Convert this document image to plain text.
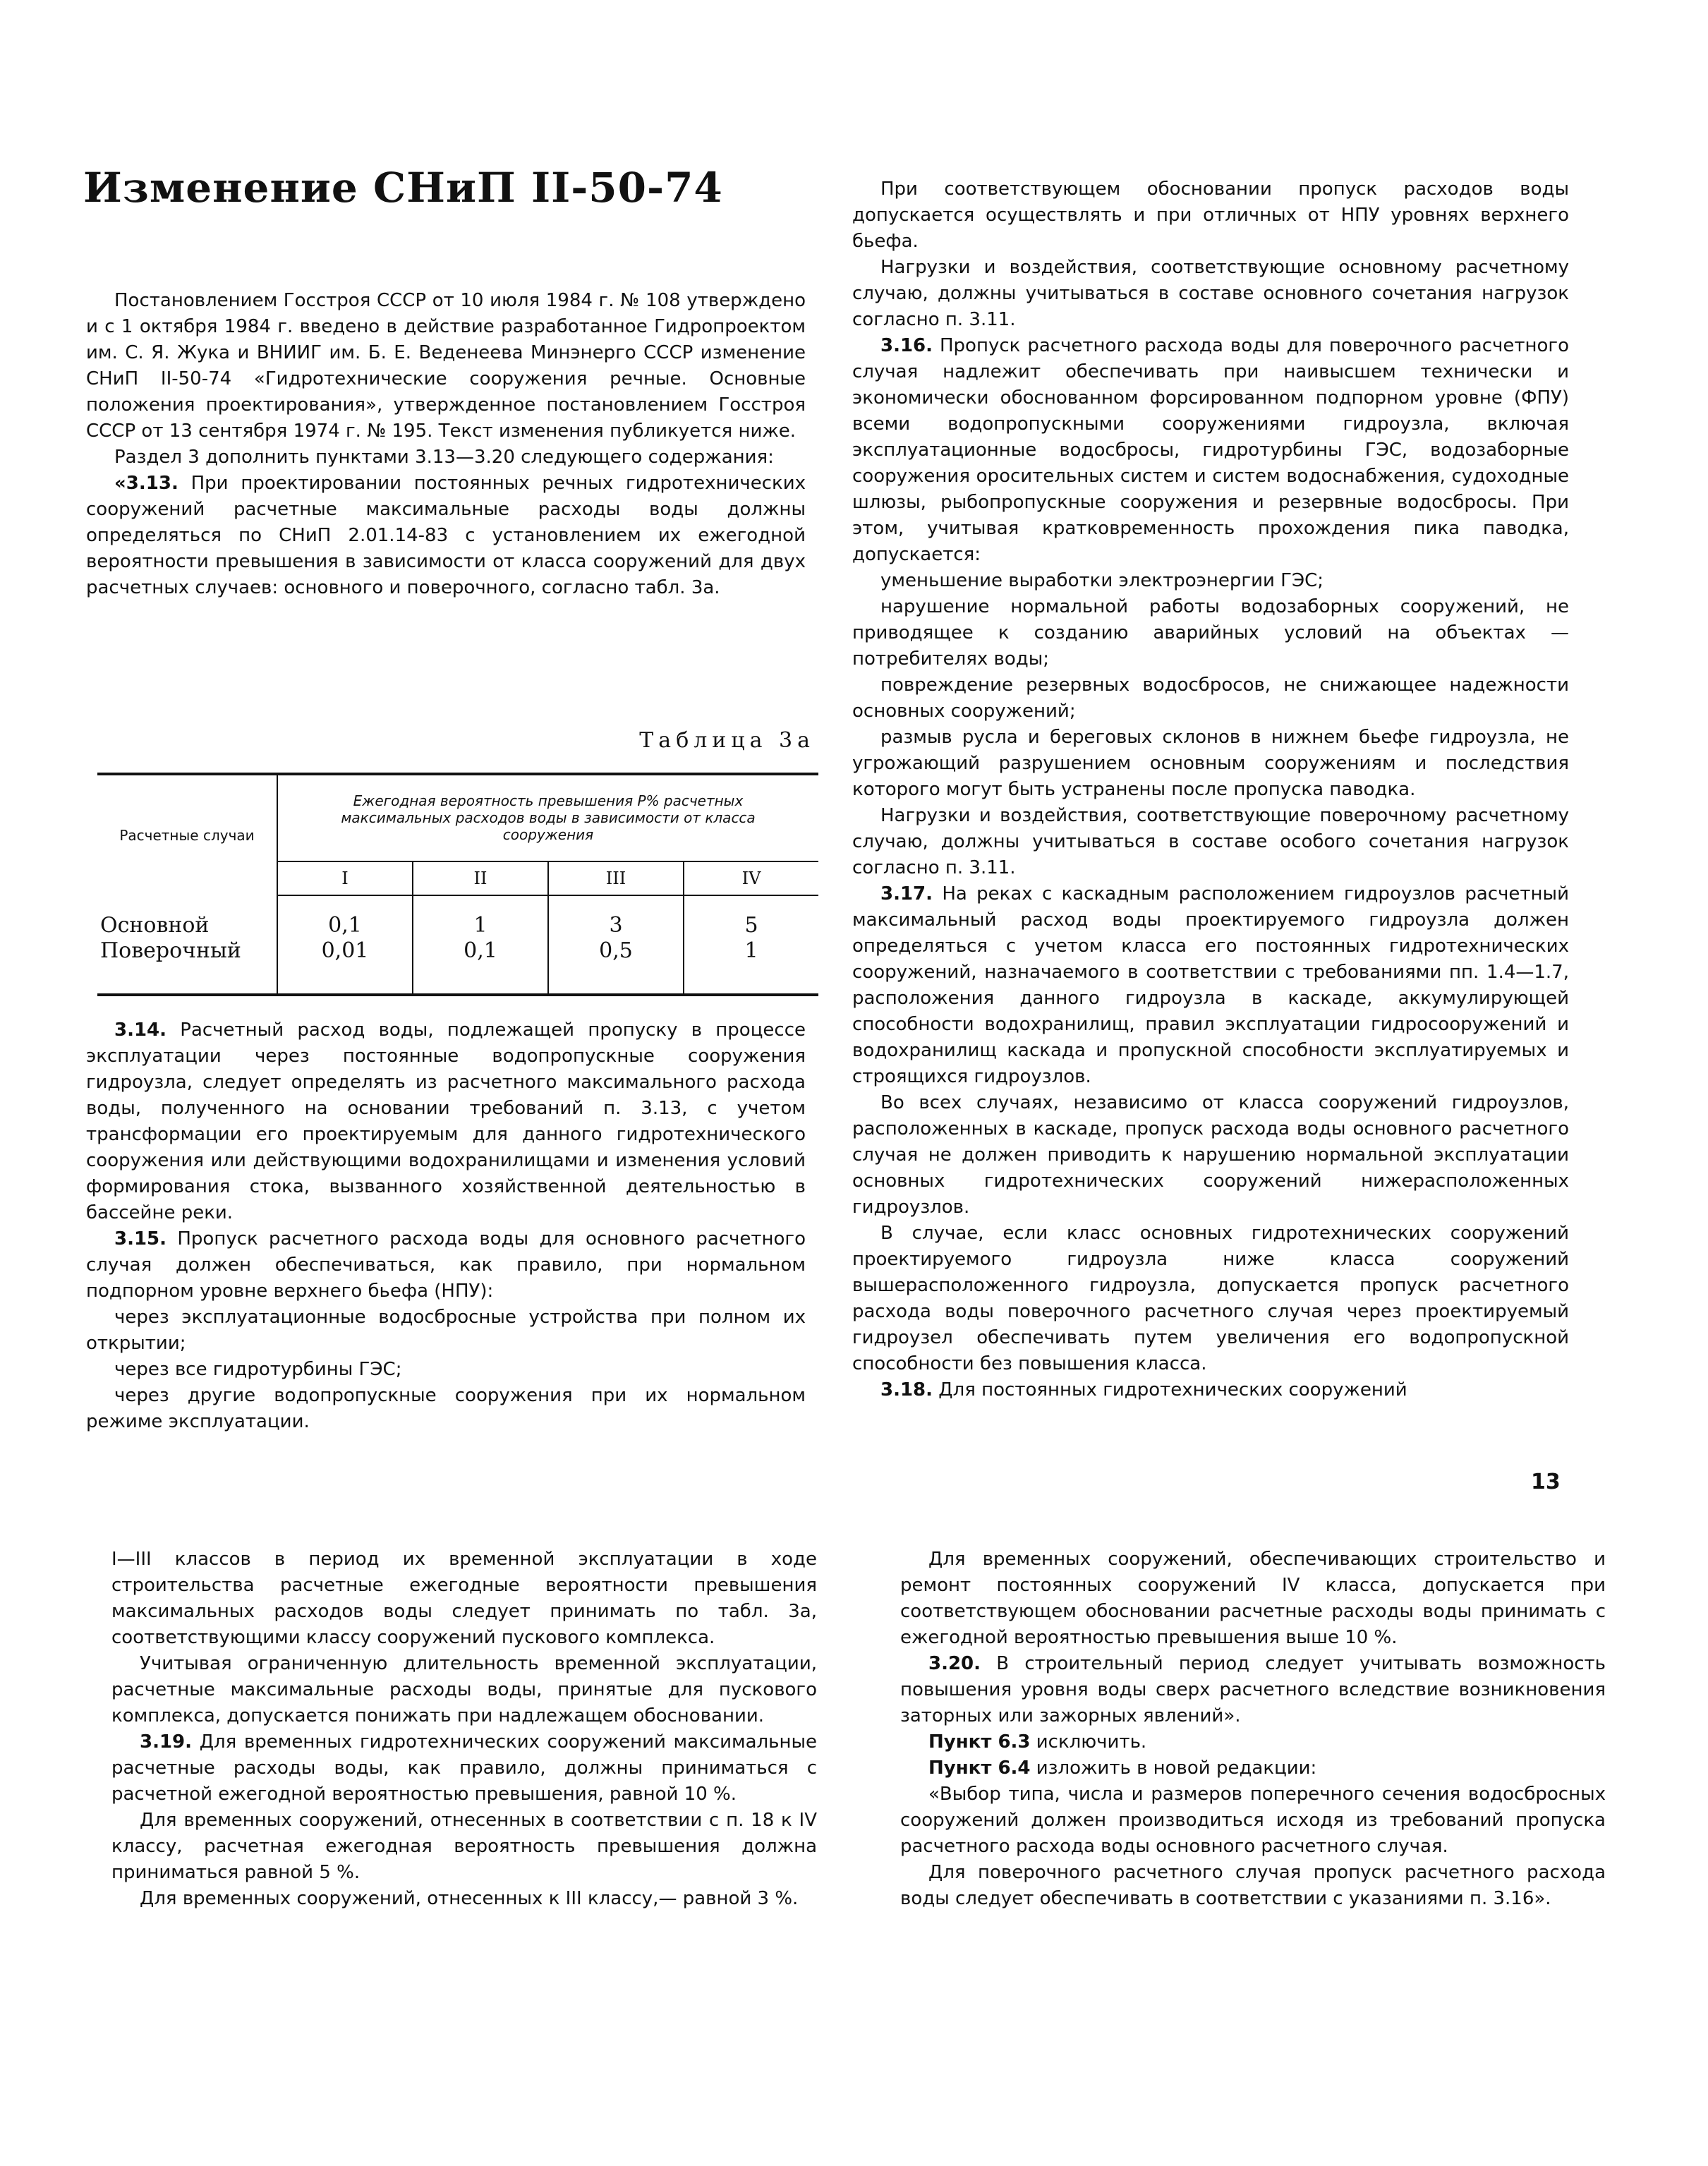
Изменение СНиП II-50-74

Постановлением Госстроя СССР от 10 июля 1984 г. № 108 утверждено и с 1 октября 1984 г. введено в действие разработанное Гидропроектом им. С. Я. Жука и ВНИИГ им. Б. Е. Веденеева Минэнерго СССР изменение СНиП II-50-74 «Гидротехнические сооружения речные. Основные положения проектирования», утвержденное постановлением Госстроя СССР от 13 сентября 1974 г. № 195. Текст изменения публикуется ниже.

Раздел 3 дополнить пунктами 3.13—3.20 следующего содержания:

«3.13. При проектировании постоянных речных гидротехнических сооружений расчетные максимальные расходы воды должны определяться по СНиП 2.01.14-83 с установлением их ежегодной вероятности превышения в зависимости от класса сооружений для двух расчетных случаев: основного и поверочного, согласно табл. 3а.

Таблица 3а
Расчетные случаи	Ежегодная вероятность превышения Р% расчетных максимальных расходов воды в зависимости от класса сооружения			
	I	II	III	IV
Основной	0,1	1	3	5
Поверочный	0,01	0,1	0,5	1

3.14. Расчетный расход воды, подлежащей пропуску в процессе эксплуатации через постоянные водопропускные сооружения гидроузла, следует определять из расчетного максимального расхода воды, полученного на основании требований п. 3.13, с учетом трансформации его проектируемым для данного гидротехнического сооружения или действующими водохранилищами и изменения условий формирования стока, вызванного хозяйственной деятельностью в бассейне реки.

3.15. Пропуск расчетного расхода воды для основного расчетного случая должен обеспечиваться, как правило, при нормальном подпорном уровне верхнего бьефа (НПУ):

через эксплуатационные водосбросные устройства при полном их открытии;

через все гидротурбины ГЭС;

через другие водопропускные сооружения при их нормальном режиме эксплуатации.

При соответствующем обосновании пропуск расходов воды допускается осуществлять и при отличных от НПУ уровнях верхнего бьефа.

Нагрузки и воздействия, соответствующие основному расчетному случаю, должны учитываться в составе основного сочетания нагрузок согласно п. 3.11.

3.16. Пропуск расчетного расхода воды для поверочного расчетного случая надлежит обеспечивать при наивысшем технически и экономически обоснованном форсированном подпорном уровне (ФПУ) всеми водопропускными сооружениями гидроузла, включая эксплуатационные водосбросы, гидротурбины ГЭС, водозаборные сооружения оросительных систем и систем водоснабжения, судоходные шлюзы, рыбопропускные сооружения и резервные водосбросы. При этом, учитывая кратковременность прохождения пика паводка, допускается:

уменьшение выработки электроэнергии ГЭС;

нарушение нормальной работы водозаборных сооружений, не приводящее к созданию аварийных условий на объектах — потребителях воды;

повреждение резервных водосбросов, не снижающее надежности основных сооружений;

размыв русла и береговых склонов в нижнем бьефе гидроузла, не угрожающий разрушением основным сооружениям и последствия которого могут быть устранены после пропуска паводка.

Нагрузки и воздействия, соответствующие поверочному расчетному случаю, должны учитываться в составе особого сочетания нагрузок согласно п. 3.11.

3.17. На реках с каскадным расположением гидроузлов расчетный максимальный расход воды проектируемого гидроузла должен определяться с учетом класса его постоянных гидротехнических сооружений, назначаемого в соответствии с требованиями пп. 1.4—1.7, расположения данного гидроузла в каскаде, аккумулирующей способности водохранилищ, правил эксплуатации гидросооружений и водохранилищ каскада и пропускной способности эксплуатируемых и строящихся гидроузлов.

Во всех случаях, независимо от класса сооружений гидроузлов, расположенных в каскаде, пропуск расхода воды основного расчетного случая не должен приводить к нарушению нормальной эксплуатации основных гидротехнических сооружений нижерасположенных гидроузлов.

В случае, если класс основных гидротехнических сооружений проектируемого гидроузла ниже класса сооружений вышерасположенного гидроузла, допускается пропуск расчетного расхода воды поверочного расчетного случая через проектируемый гидроузел обеспечивать путем увеличения его водопропускной способности без повышения класса.

3.18. Для постоянных гидротехнических сооружений

13

I—III классов в период их временной эксплуатации в ходе строительства расчетные ежегодные вероятности превышения максимальных расходов воды следует принимать по табл. 3а, соответствующими классу сооружений пускового комплекса.

Учитывая ограниченную длительность временной эксплуатации, расчетные максимальные расходы воды, принятые для пускового комплекса, допускается понижать при надлежащем обосновании.

3.19. Для временных гидротехнических сооружений максимальные расчетные расходы воды, как правило, должны приниматься с расчетной ежегодной вероятностью превышения, равной 10 %.

Для временных сооружений, отнесенных в соответствии с п. 18 к IV классу, расчетная ежегодная вероятность превышения должна приниматься равной 5 %.

Для временных сооружений, отнесенных к III классу,— равной 3 %.

Для временных сооружений, обеспечивающих строительство и ремонт постоянных сооружений IV класса, допускается при соответствующем обосновании расчетные расходы воды принимать с ежегодной вероятностью превышения выше 10 %.

3.20. В строительный период следует учитывать возможность повышения уровня воды сверх расчетного вследствие возникновения заторных или зажорных явлений».

Пункт 6.3 исключить.

Пункт 6.4 изложить в новой редакции:

«Выбор типа, числа и размеров поперечного сечения водосбросных сооружений должен производиться исходя из требований пропуска расчетного расхода воды основного расчетного случая.

Для поверочного расчетного случая пропуск расчетного расхода воды следует обеспечивать в соответствии с указаниями п. 3.16».
